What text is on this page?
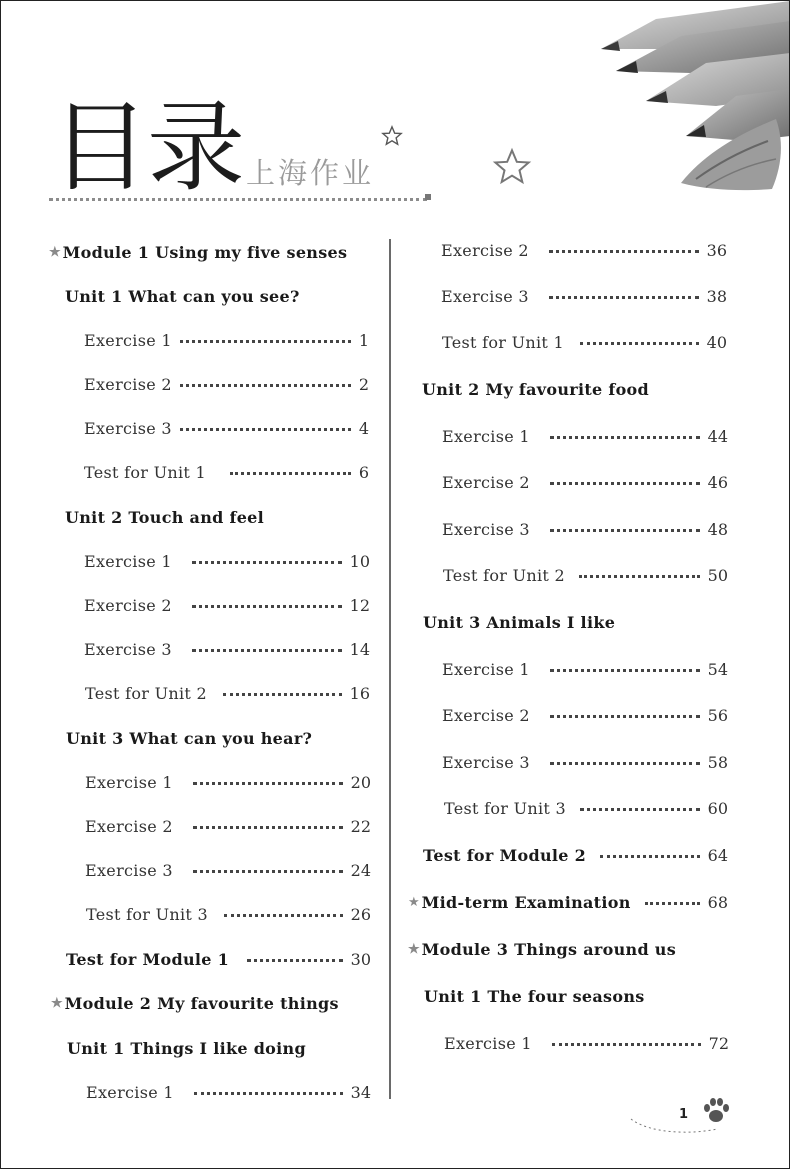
目录 上海作业
★ Module 1 Using my five senses
Unit 1 What can you see?
Exercise 1	1
Exercise 2	2
Exercise 3	4
Test for Unit 1	6
Unit 2 Touch and feel
Exercise 1	10
Exercise 2	12
Exercise 3	14
Test for Unit 2	16
Unit 3 What can you hear?
Exercise 1	20
Exercise 2	22
Exercise 3	24
Test for Unit 3	26
Test for Module 1	30
★ Module 2 My favourite things
Unit 1 Things I like doing
Exercise 1	34
Exercise 2	36
Exercise 3	38
Test for Unit 1	40
Unit 2 My favourite food
Exercise 1	44
Exercise 2	46
Exercise 3	48
Test for Unit 2	50
Unit 3 Animals I like
Exercise 1	54
Exercise 2	56
Exercise 3	58
Test for Unit 3	60
Test for Module 2	64
★ Mid-term Examination	68
★ Module 3 Things around us
Unit 1 The four seasons
Exercise 1	72
1
